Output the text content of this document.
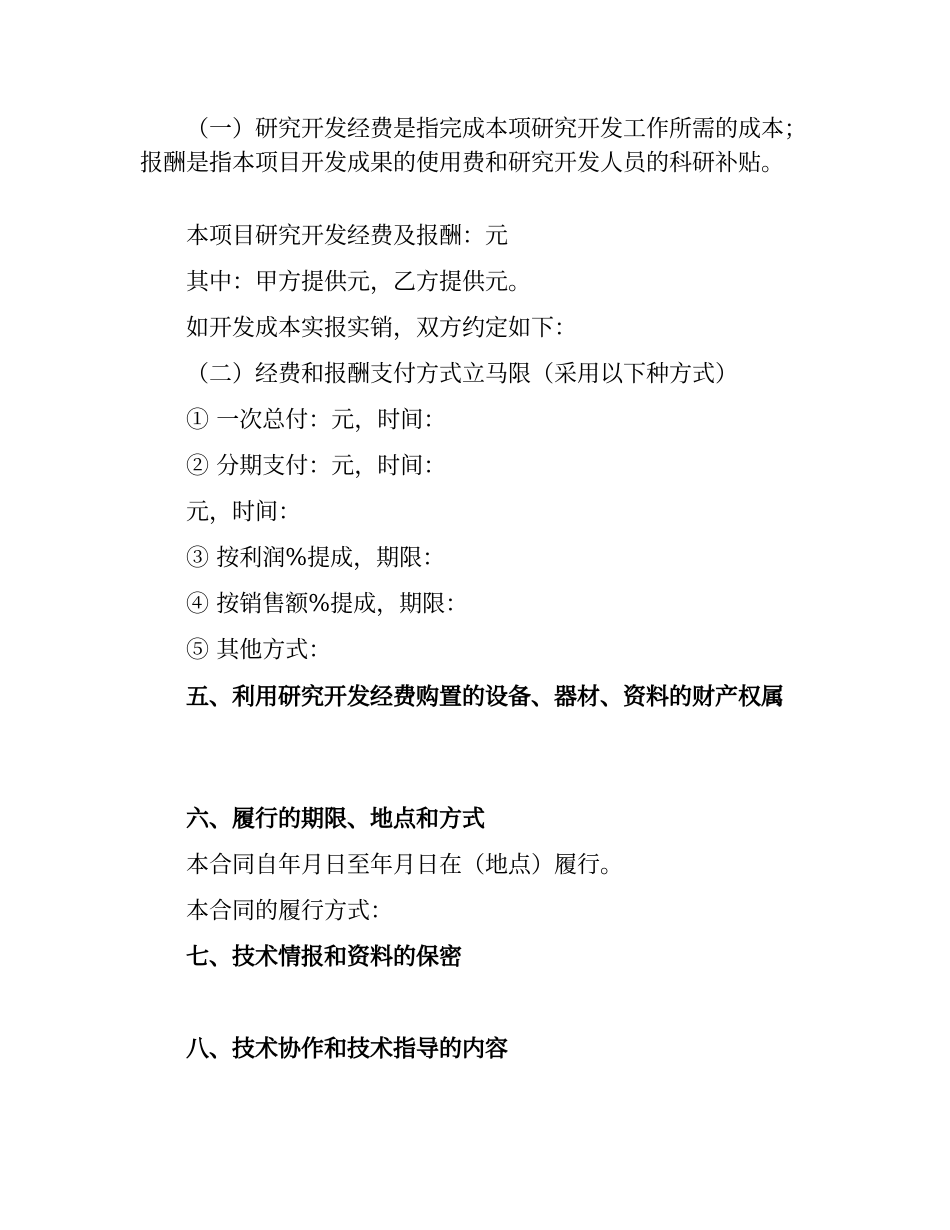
（一）研究开发经费是指完成本项研究开发工作所需的成本；报酬是指本项目开发成果的使用费和研究开发人员的科研补贴。

本项目研究开发经费及报酬：元

其中：甲方提供元，乙方提供元。

如开发成本实报实销，双方约定如下：

（二）经费和报酬支付方式立马限（采用以下种方式）

① 一次总付：元，时间：

② 分期支付：元，时间：

元，时间：

③ 按利润%提成，期限：

④ 按销售额%提成，期限：

⑤ 其他方式：

五、利用研究开发经费购置的设备、器材、资料的财产权属

六、履行的期限、地点和方式

本合同自年月日至年月日在（地点）履行。

本合同的履行方式：

七、技术情报和资料的保密

八、技术协作和技术指导的内容
